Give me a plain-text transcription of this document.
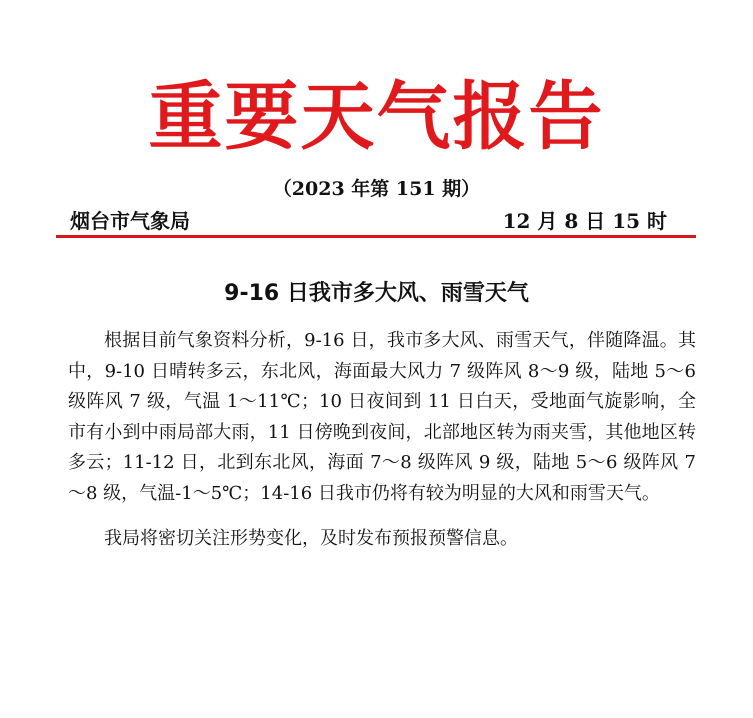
重要天气报告
（2023 年第 151 期）
烟台市气象局	12 月 8 日 15 时
9-16 日我市多大风、雨雪天气

根据目前气象资料分析，9-16 日，我市多大风、雨雪天气，伴随降温。其中，9-10 日晴转多云，东北风，海面最大风力 7 级阵风 8～9 级，陆地 5～6 级阵风 7 级，气温 1～11℃；10 日夜间到 11 日白天，受地面气旋影响，全市有小到中雨局部大雨，11 日傍晚到夜间，北部地区转为雨夹雪，其他地区转多云；11-12 日，北到东北风，海面 7～8 级阵风 9 级，陆地 5～6 级阵风 7～8 级，气温-1～5℃；14-16 日我市仍将有较为明显的大风和雨雪天气。

我局将密切关注形势变化，及时发布预报预警信息。
